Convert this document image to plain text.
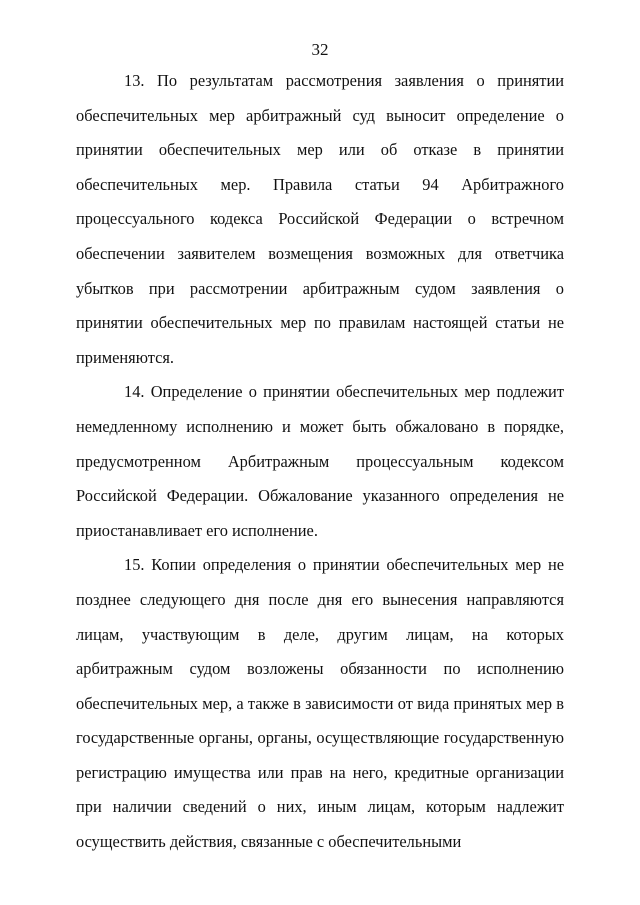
32

13. По результатам рассмотрения заявления о принятии обеспечительных мер арбитражный суд выносит определение о принятии обеспечительных мер или об отказе в принятии обеспечительных мер. Правила статьи 94 Арбитражного процессуального кодекса Российской Федерации о встречном обеспечении заявителем возмещения возможных для ответчика убытков при рассмотрении арбитражным судом заявления о принятии обеспечительных мер по правилам настоящей статьи не применяются.

14. Определение о принятии обеспечительных мер подлежит немедленному исполнению и может быть обжаловано в порядке, предусмотренном Арбитражным процессуальным кодексом Российской Федерации. Обжалование указанного определения не приостанавливает его исполнение.

15. Копии определения о принятии обеспечительных мер не позднее следующего дня после дня его вынесения направляются лицам, участвующим в деле, другим лицам, на которых арбитражным судом возложены обязанности по исполнению обеспечительных мер, а также в зависимости от вида принятых мер в государственные органы, органы, осуществляющие государственную регистрацию имущества или прав на него, кредитные организации при наличии сведений о них, иным лицам, которым надлежит осуществить действия, связанные с обеспечительными
